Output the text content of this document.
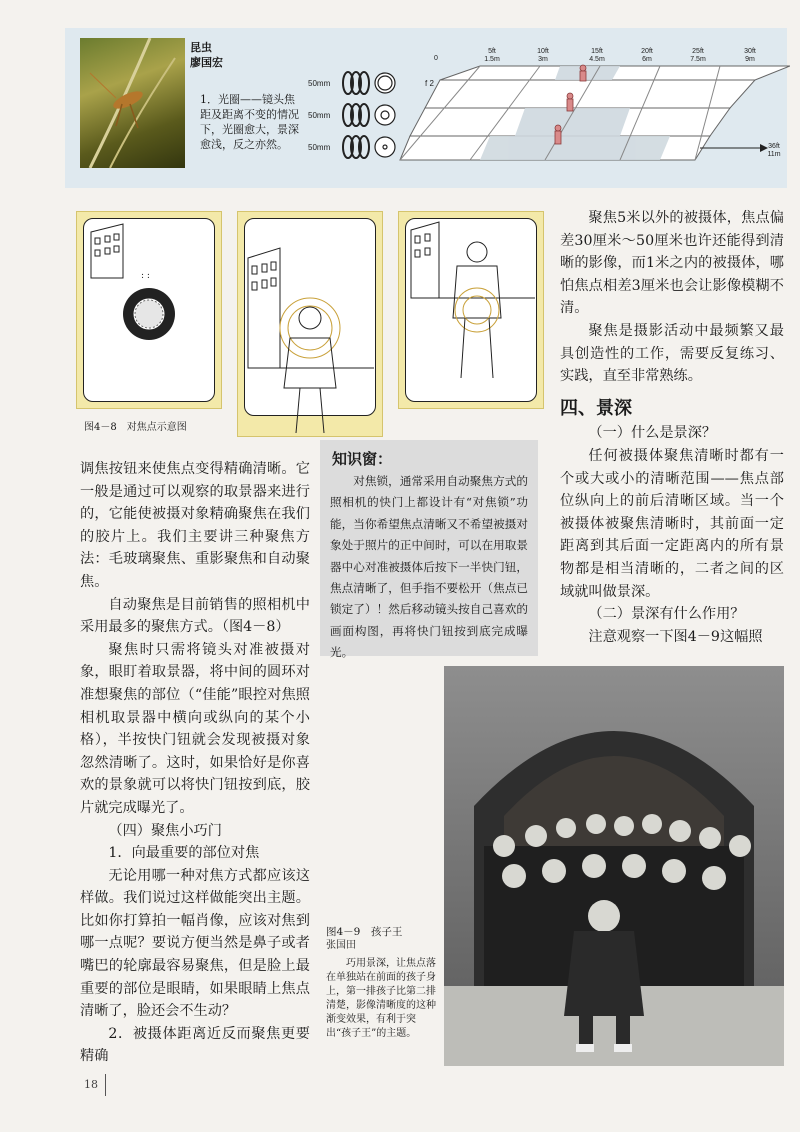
昆虫
廖国宏
1．光圈——镜头焦距及距离不变的情况下，光圈愈大，景深愈浅，反之亦然。
50mm
50mm
50mm
f 2
0
5ft
1.5m
10ft
3m
15ft
4.5m
20ft
6m
25ft
7.5m
30ft
9m
36ft
11m
: :
图4－8　对焦点示意图

聚焦5米以外的被摄体，焦点偏差30厘米～50厘米也许还能得到清晰的影像，而1米之内的被摄体，哪怕焦点相差3厘米也会让影像模糊不清。

聚焦是摄影活动中最频繁又最具创造性的工作，需要反复练习、实践，直至非常熟练。

四、景深

（一）什么是景深？

任何被摄体聚焦清晰时都有一个或大或小的清晰范围——焦点部位纵向上的前后清晰区域。当一个被摄体被聚焦清晰时，其前面一定距离到其后面一定距离内的所有景物都是相当清晰的，二者之间的区域就叫做景深。

（二）景深有什么作用？

注意观察一下图4－9这幅照

调焦按钮来使焦点变得精确清晰。它一般是通过可以观察的取景器来进行的，它能使被摄对象精确聚焦在我们的胶片上。我们主要讲三种聚焦方法：毛玻璃聚焦、重影聚焦和自动聚焦。

自动聚焦是目前销售的照相机中采用最多的聚焦方式。（图4－8）

聚焦时只需将镜头对准被摄对象，眼盯着取景器，将中间的圆环对准想聚焦的部位（“佳能”眼控对焦照相机取景器中横向或纵向的某个小格），半按快门钮就会发现被摄对象忽然清晰了。这时，如果恰好是你喜欢的景象就可以将快门钮按到底，胶片就完成曝光了。

（四）聚焦小巧门

1．向最重要的部位对焦

无论用哪一种对焦方式都应该这样做。我们说过这样做能突出主题。比如你打算拍一幅肖像，应该对焦到哪一点呢？要说方便当然是鼻子或者嘴巴的轮廓最容易聚焦，但是脸上最重要的部位是眼睛，如果眼睛上焦点清晰了，脸还会不生动？

2．被摄体距离近反而聚焦更要精确

知识窗：
对焦锁，通常采用自动聚焦方式的照相机的快门上都设计有“对焦锁”功能，当你希望焦点清晰又不希望被摄对象处于照片的正中间时，可以在用取景器中心对准被摄体后按下一半快门钮，焦点清晰了，但手指不要松开（焦点已锁定了）！然后移动镜头按自己喜欢的画面构图，再将快门钮按到底完成曝光。
图4－9　孩子王
张国田
巧用景深，让焦点落在单独站在前面的孩子身上，第一排孩子比第二排清楚，影像清晰度的这种渐变效果，有利于突出“孩子王”的主题。
18
